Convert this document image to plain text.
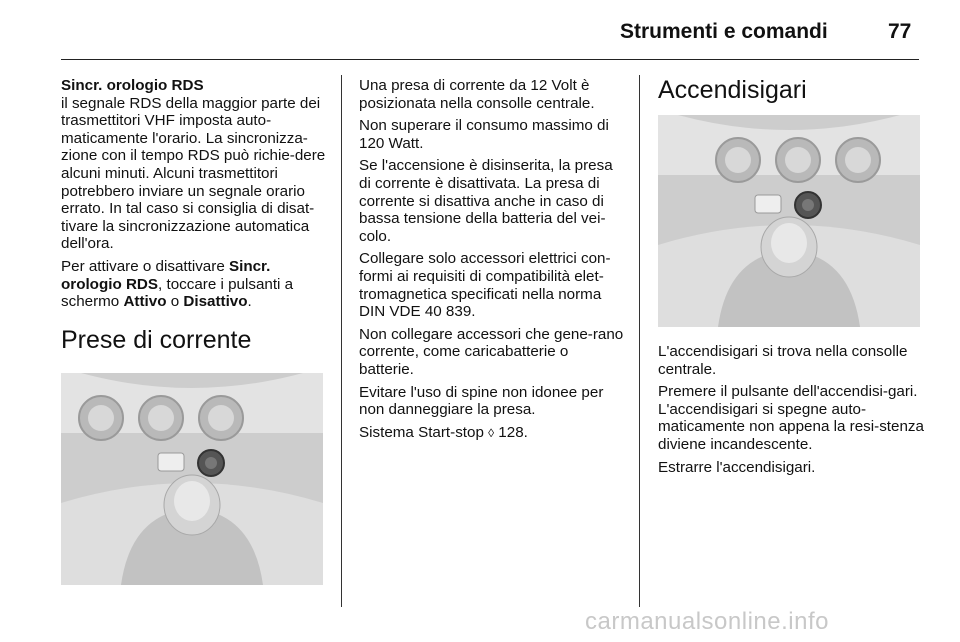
Strumenti e comandi	77

Sincr. orologio RDS
il segnale RDS della maggior parte dei trasmettitori VHF imposta auto-maticamente l'orario. La sincronizza-zione con il tempo RDS può richie-dere alcuni minuti. Alcuni trasmettitori potrebbero inviare un segnale orario errato. In tal caso si consiglia di disat-tivare la sincronizzazione automatica dell'ora.

Per attivare o disattivare Sincr. orologio RDS, toccare i pulsanti a schermo Attivo o Disattivo.

Prese di corrente

Una presa di corrente da 12 Volt è posizionata nella consolle centrale.

Non superare il consumo massimo di 120 Watt.

Se l'accensione è disinserita, la presa di corrente è disattivata. La presa di corrente si disattiva anche in caso di bassa tensione della batteria del vei-colo.

Collegare solo accessori elettrici con-formi ai requisiti di compatibilità elet-tromagnetica specificati nella norma DIN VDE 40 839.

Non collegare accessori che gene-rano corrente, come caricabatterie o batterie.

Evitare l'uso di spine non idonee per non danneggiare la presa.

Sistema Start-stop ◊ 128.

Accendisigari

L'accendisigari si trova nella consolle centrale.

Premere il pulsante dell'accendisi-gari. L'accendisigari si spegne auto-maticamente non appena la resi-stenza diviene incandescente.

Estrarre l'accendisigari.

carmanualsonline.info
